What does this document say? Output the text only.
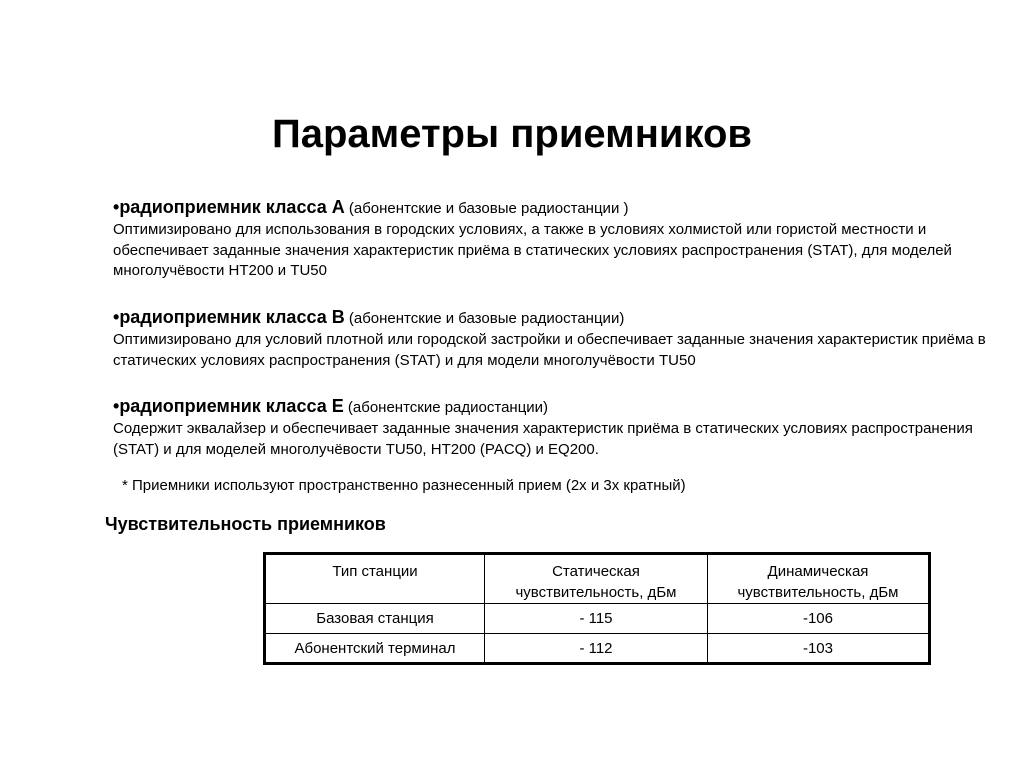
Параметры приемников
•радиоприемник класса А (абонентские и базовые радиостанции )

Оптимизировано для использования в городских условиях, а также в условиях холмистой или гористой местности и обеспечивает заданные значения характеристик приёма в статических условиях распространения (STAT), для моделей многолучёвости HT200 и TU50

•радиоприемник класса B (абонентские и базовые радиостанции)

Оптимизировано для условий плотной или городской застройки и обеспечивает заданные значения характеристик приёма в статических условиях распространения (STAT) и для модели многолучёвости TU50

•радиоприемник класса E (абонентские радиостанции)

Содержит эквалайзер и обеспечивает заданные значения характеристик приёма в статических условиях распространения (STAT) и для моделей многолучёвости TU50, HT200 (PACQ) и EQ200.

* Приемники используют пространственно разнесенный прием (2х и 3х кратный)
Чувствительность приемников
Тип станции	Статическая чувствительность, дБм	Динамическая чувствительность, дБм
Базовая станция	- 115	-106
Абонентский терминал	- 112	-103
